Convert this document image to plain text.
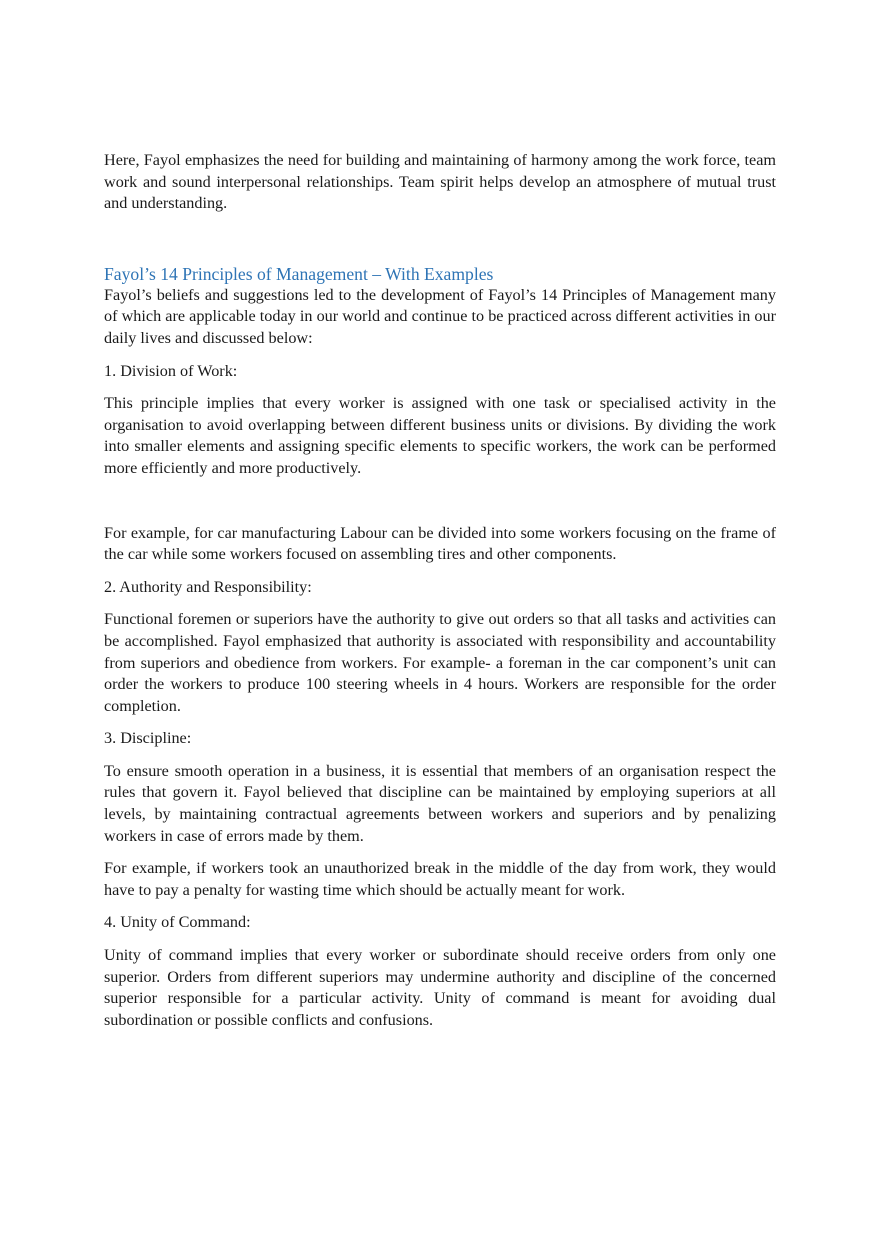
Here, Fayol emphasizes the need for building and maintaining of harmony among the work force, team work and sound interpersonal relationships. Team spirit helps develop an atmosphere of mutual trust and understanding.

Fayol’s 14 Principles of Management – With Examples

Fayol’s beliefs and suggestions led to the development of Fayol’s 14 Principles of Management many of which are applicable today in our world and continue to be practiced across different activities in our daily lives and discussed below:

1. Division of Work:

This principle implies that every worker is assigned with one task or specialised activity in the organisation to avoid overlapping between different business units or divisions. By dividing the work into smaller elements and assigning specific elements to specific workers, the work can be performed more efficiently and more productively.

For example, for car manufacturing Labour can be divided into some workers focusing on the frame of the car while some workers focused on assembling tires and other components.

2. Authority and Responsibility:

Functional foremen or superiors have the authority to give out orders so that all tasks and activities can be accomplished. Fayol emphasized that authority is associated with responsibility and accountability from superiors and obedience from workers. For example- a foreman in the car component’s unit can order the workers to produce 100 steering wheels in 4 hours. Workers are responsible for the order completion.

3. Discipline:

To ensure smooth operation in a business, it is essential that members of an organisation respect the rules that govern it. Fayol believed that discipline can be maintained by employing superiors at all levels, by maintaining contractual agreements between workers and superiors and by penalizing workers in case of errors made by them.

For example, if workers took an unauthorized break in the middle of the day from work, they would have to pay a penalty for wasting time which should be actually meant for work.

4. Unity of Command:

Unity of command implies that every worker or subordinate should receive orders from only one superior. Orders from different superiors may undermine authority and discipline of the concerned superior responsible for a particular activity. Unity of command is meant for avoiding dual subordination or possible conflicts and confusions.
